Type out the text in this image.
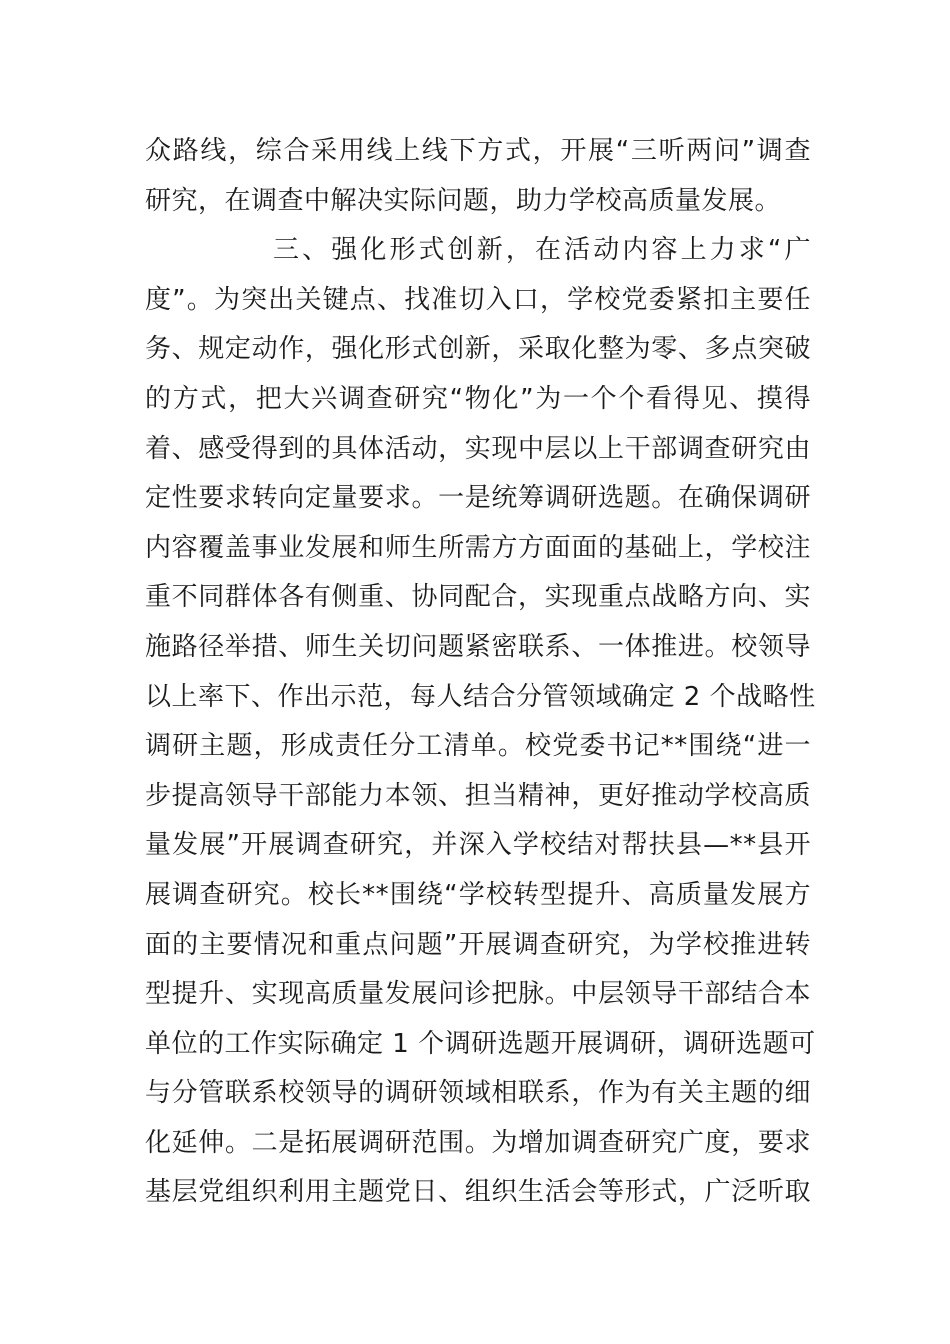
众路线，综合采用线上线下方式，开展“三听两问”调查
研究，在调查中解决实际问题，助力学校高质量发展。
三、强化形式创新，在活动内容上力求“广
度”。为突出关键点、找准切入口，学校党委紧扣主要任
务、规定动作，强化形式创新，采取化整为零、多点突破
的方式，把大兴调查研究“物化”为一个个看得见、摸得
着、感受得到的具体活动，实现中层以上干部调查研究由
定性要求转向定量要求。一是统筹调研选题。在确保调研
内容覆盖事业发展和师生所需方方面面的基础上，学校注
重不同群体各有侧重、协同配合，实现重点战略方向、实
施路径举措、师生关切问题紧密联系、一体推进。校领导
以上率下、作出示范，每人结合分管领域确定 2 个战略性
调研主题，形成责任分工清单。校党委书记**围绕“进一
步提高领导干部能力本领、担当精神，更好推动学校高质
量发展”开展调查研究，并深入学校结对帮扶县—**县开
展调查研究。校长**围绕“学校转型提升、高质量发展方
面的主要情况和重点问题”开展调查研究，为学校推进转
型提升、实现高质量发展问诊把脉。中层领导干部结合本
单位的工作实际确定 1 个调研选题开展调研，调研选题可
与分管联系校领导的调研领域相联系，作为有关主题的细
化延伸。二是拓展调研范围。为增加调查研究广度，要求
基层党组织利用主题党日、组织生活会等形式，广泛听取
